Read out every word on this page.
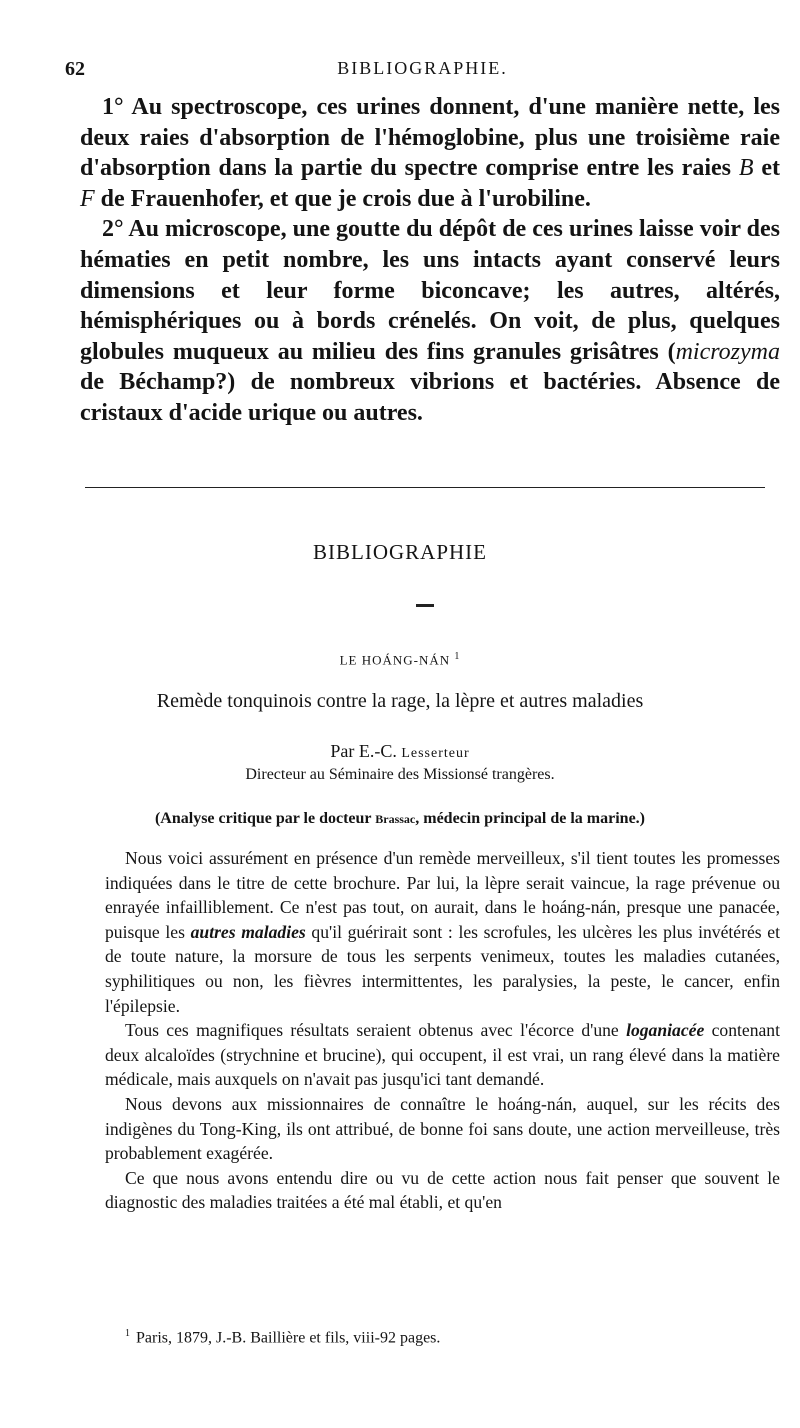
62	BIBLIOGRAPHIE.

1° Au spectroscope, ces urines donnent, d'une manière nette, les deux raies d'absorption de l'hémoglobine, plus une troisième raie d'absorption dans la partie du spectre comprise entre les raies B et F de Frauenhofer, et que je crois due à l'urobiline.

2° Au microscope, une goutte du dépôt de ces urines laisse voir des hématies en petit nombre, les uns intacts ayant conservé leurs dimensions et leur forme biconcave; les autres, altérés, hémisphériques ou à bords crénelés. On voit, de plus, quelques globules muqueux au milieu des fins granules grisâtres (microzyma de Béchamp?) de nombreux vibrions et bactéries. Absence de cristaux d'acide urique ou autres.

BIBLIOGRAPHIE
LE HOÁNG-NÁN $^1$
Remède tonquinois contre la rage, la lèpre et autres maladies
Par E.-C. Lesserteur
Directeur au Séminaire des Missionsé trangères.
(Analyse critique par le docteur Brassac, médecin principal de la marine.)

Nous voici assurément en présence d'un remède merveilleux, s'il tient toutes les promesses indiquées dans le titre de cette brochure. Par lui, la lèpre serait vaincue, la rage prévenue ou enrayée infailliblement. Ce n'est pas tout, on aurait, dans le hoáng-nán, presque une panacée, puisque les autres maladies qu'il guérirait sont : les scrofules, les ulcères les plus invétérés et de toute nature, la morsure de tous les serpents venimeux, toutes les maladies cutanées, syphilitiques ou non, les fièvres intermittentes, les paralysies, la peste, le cancer, enfin l'épilepsie.

Tous ces magnifiques résultats seraient obtenus avec l'écorce d'une loganiacée contenant deux alcaloïdes (strychnine et brucine), qui occupent, il est vrai, un rang élevé dans la matière médicale, mais auxquels on n'avait pas jusqu'ici tant demandé.

Nous devons aux missionnaires de connaître le hoáng-nán, auquel, sur les récits des indigènes du Tong-King, ils ont attribué, de bonne foi sans doute, une action merveilleuse, très probablement exagérée.

Ce que nous avons entendu dire ou vu de cette action nous fait penser que souvent le diagnostic des maladies traitées a été mal établi, et qu'en

$^1$ Paris, 1879, J.-B. Baillière et fils, viii-92 pages.
